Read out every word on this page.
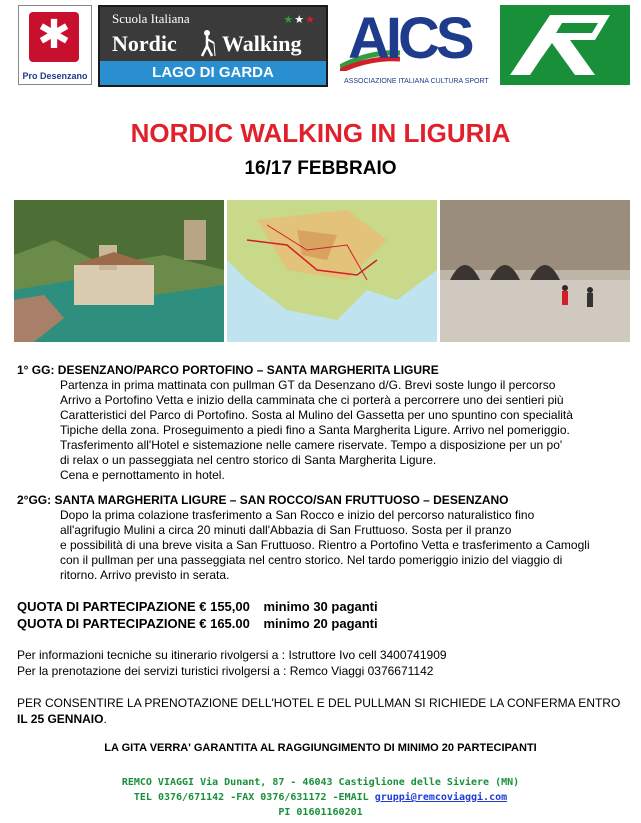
✱
Pro Desenzano
Scuola Italiana	★★★
Nordic Walking
LAGO DI GARDA
AICS
ASSOCIAZIONE ITALIANA CULTURA SPORT
NORDIC WALKING IN LIGURIA
16/17 FEBBRAIO
1° GG: DESENZANO/PARCO PORTOFINO – SANTA MARGHERITA LIGURE
Partenza in prima mattinata con pullman GT da Desenzano d/G. Brevi soste lungo il percorso
Arrivo a Portofino Vetta e inizio della camminata che ci porterà a percorrere uno dei sentieri più
Caratteristici del Parco di Portofino. Sosta al Mulino del Gassetta per uno spuntino con specialità
Tipiche della zona. Proseguimento a piedi fino a Santa Margherita Ligure. Arrivo nel pomeriggio.
Trasferimento all'Hotel e sistemazione nelle camere riservate. Tempo a disposizione per un po'
di relax o un passeggiata nel centro storico di Santa Margherita Ligure.
Cena e pernottamento in hotel.
2°GG: SANTA MARGHERITA LIGURE – SAN ROCCO/SAN FRUTTUOSO – DESENZANO
Dopo la prima colazione trasferimento a San Rocco e inizio del percorso naturalistico fino
all'agrifugio Mulini a circa 20 minuti dall'Abbazia di San Fruttuoso. Sosta per il pranzo
e possibilità di una breve visita a San Fruttuoso. Rientro a Portofino Vetta e trasferimento a Camogli
con il pullman per una passeggiata nel centro storico. Nel tardo pomeriggio inizio del viaggio di
ritorno. Arrivo previsto in serata.
QUOTA DI PARTECIPAZIONE € 155,00 minimo 30 paganti
QUOTA DI PARTECIPAZIONE € 165.00 minimo 20 paganti
Per informazioni tecniche su itinerario rivolgersi a : Istruttore Ivo cell 3400741909
Per la prenotazione dei servizi turistici rivolgersi a : Remco Viaggi 0376671142
PER CONSENTIRE LA PRENOTAZIONE DELL'HOTEL E DEL PULLMAN SI RICHIEDE LA CONFERMA ENTRO IL 25 GENNAIO.
LA GITA VERRA' GARANTITA AL RAGGIUNGIMENTO DI MINIMO 20 PARTECIPANTI
REMCO VIAGGI Via Dunant, 87 - 46043 Castiglione delle Siviere (MN)
TEL 0376/671142 -FAX 0376/631172 -EMAIL gruppi@remcoviaggi.com
PI 01601160201
